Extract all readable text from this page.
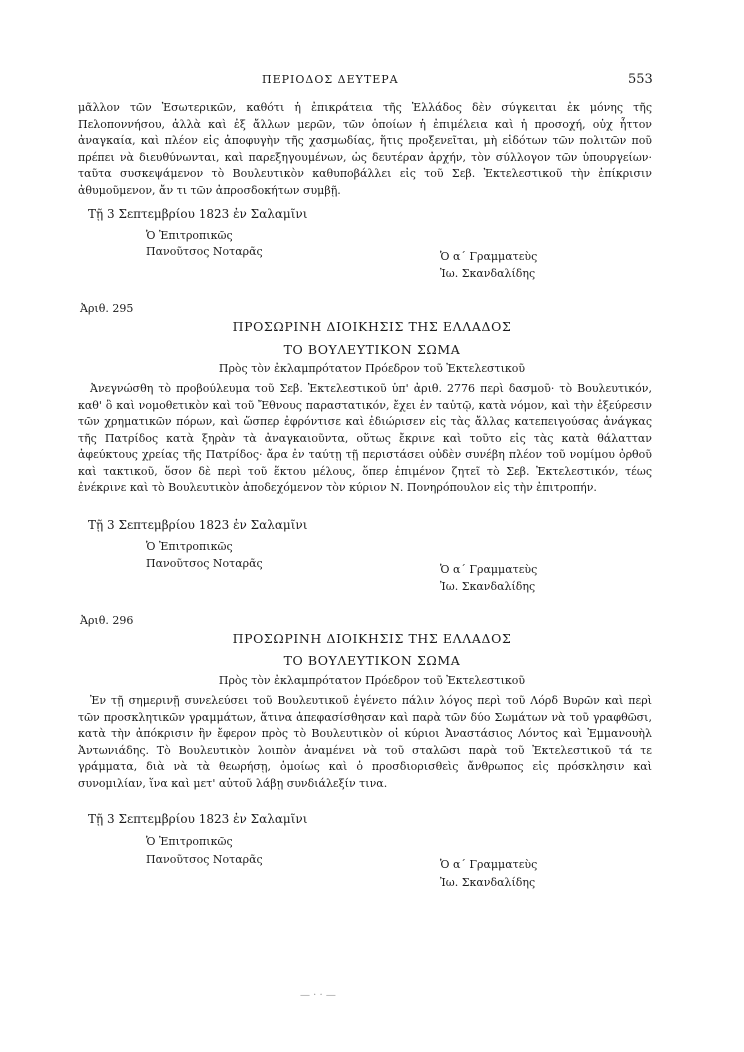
ΠΕΡΙΟΔΟΣ ΔΕΥΤΕΡΑ	553

μᾶλλον τῶν Ἐσωτερικῶν, καθότι ἡ ἐπικράτεια τῆς Ἑλλάδος δὲν σύγκειται ἐκ μόνης τῆς Πελοποννήσου, ἀλλὰ καὶ ἐξ ἄλλων μερῶν, τῶν ὁποίων ἡ ἐπιμέλεια καὶ ἡ προσοχή, οὐχ ἧττον ἀναγκαία, καὶ πλέον εἰς ἀποφυγὴν τῆς χασμωδίας, ἥτις προξενεῖται, μὴ εἰδότων τῶν πολιτῶν ποῦ πρέπει νὰ διευθύνωνται, καὶ παρεξηγουμένων, ὡς δευτέραν ἀρχήν, τὸν σύλλογον τῶν ὑπουργείων· ταῦτα συσκεψάμενον τὸ Βουλευτικὸν καθυποβάλλει εἰς τοῦ Σεβ. Ἐκτελεστικοῦ τὴν ἐπίκρισιν ἀθυμοῦμενον, ἄν τι τῶν ἀπροσδοκήτων συμβῇ.

Τῇ 3 Σεπτεμβρίου 1823 ἐν Σαλαμῖνι
Ὁ Ἐπιτροπικῶς
Πανοῦτσος Νοταρᾶς	Ὁ α΄ Γραμματεὺς
Ἰω. Σκανδαλίδης
Ἀριθ. 295
ΠΡΟΣΩΡΙΝΗ ΔΙΟΙΚΗΣΙΣ ΤΗΣ ΕΛΛΑΔΟΣ
ΤΟ ΒΟΥΛΕΥΤΙΚΟΝ ΣΩΜΑ
Πρὸς τὸν ἐκλαμπρότατον Πρόεδρον τοῦ Ἐκτελεστικοῦ

Ἀνεγνώσθη τὸ προβούλευμα τοῦ Σεβ. Ἐκτελεστικοῦ ὑπ' ἀριθ. 2776 περὶ δασμοῦ· τὸ Βουλευτικόν, καθ' ὃ καὶ νομοθετικὸν καὶ τοῦ Ἔθνους παραστατικόν, ἔχει ἐν ταὐτῷ, κατὰ νόμον, καὶ τὴν ἐξεύρεσιν τῶν χρηματικῶν πόρων, καὶ ὥσπερ ἐφρόντισε καὶ ἐδιώρισεν εἰς τὰς ἄλλας κατεπειγούσας ἀνάγκας τῆς Πατρίδος κατὰ ξηρὰν τὰ ἀναγκαιοῦντα, οὕτως ἔκρινε καὶ τοῦτο εἰς τὰς κατὰ θάλατταν ἀφεύκτους χρείας τῆς Πατρίδος· ἄρα ἐν ταύτῃ τῇ περιστάσει οὐδὲν συνέβη πλέον τοῦ νομίμου ὀρθοῦ καὶ τακτικοῦ, ὅσον δὲ περὶ τοῦ ἕκτου μέλους, ὅπερ ἐπιμένον ζητεῖ τὸ Σεβ. Ἐκτελεστικόν, τέως ἐνέκρινε καὶ τὸ Βουλευτικὸν ἀποδεχόμενον τὸν κύριον Ν. Πονηρόπουλον εἰς τὴν ἐπιτροπήν.

Τῇ 3 Σεπτεμβρίου 1823 ἐν Σαλαμῖνι
Ὁ Ἐπιτροπικῶς
Πανοῦτσος Νοταρᾶς	Ὁ α΄ Γραμματεὺς
Ἰω. Σκανδαλίδης
Ἀριθ. 296
ΠΡΟΣΩΡΙΝΗ ΔΙΟΙΚΗΣΙΣ ΤΗΣ ΕΛΛΑΔΟΣ
ΤΟ ΒΟΥΛΕΥΤΙΚΟΝ ΣΩΜΑ
Πρὸς τὸν ἐκλαμπρότατον Πρόεδρον τοῦ Ἐκτελεστικοῦ

Ἐν τῇ σημερινῇ συνελεύσει τοῦ Βουλευτικοῦ ἐγένετο πάλιν λόγος περὶ τοῦ Λόρδ Βυρῶν καὶ περὶ τῶν προσκλητικῶν γραμμάτων, ἅτινα ἀπεφασίσθησαν καὶ παρὰ τῶν δύο Σωμάτων νὰ τοῦ γραφθῶσι, κατὰ τὴν ἀπόκρισιν ἣν ἔφερον πρὸς τὸ Βουλευτικὸν οἱ κύριοι Ἀναστάσιος Λόντος καὶ Ἐμμανουὴλ Ἀντωνιάδης. Τὸ Βουλευτικὸν λοιπὸν ἀναμένει νὰ τοῦ σταλῶσι παρὰ τοῦ Ἐκτελεστικοῦ τά τε γράμματα, διὰ νὰ τὰ θεωρήσῃ, ὁμοίως καὶ ὁ προσδιορισθεὶς ἄνθρωπος εἰς πρόσκλησιν καὶ συνομιλίαν, ἵνα καὶ μετ' αὐτοῦ λάβῃ συνδιάλεξίν τινα.

Τῇ 3 Σεπτεμβρίου 1823 ἐν Σαλαμῖνι
Ὁ Ἐπιτροπικῶς
Πανοῦτσος Νοταρᾶς	Ὁ α΄ Γραμματεὺς
Ἰω. Σκανδαλίδης
— · · —
